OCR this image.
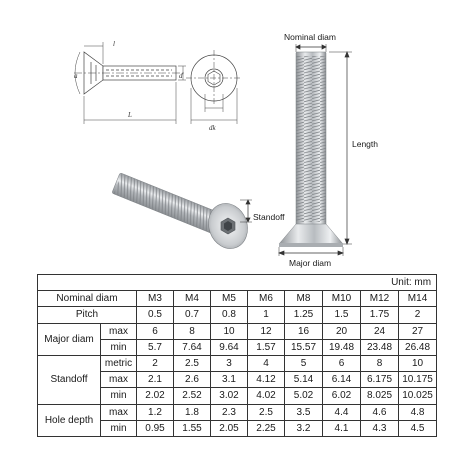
l
a	d
L
dk
Nominal diam
Length
Standoff
Major diam
Unit: mm									
Nominal diam		M3	M4	M5	M6	M8	M10	M12	M14
Pitch		0.5	0.7	0.8	1	1.25	1.5	1.75	2
Major diam	max	6	8	10	12	16	20	24	27
	min	5.7	7.64	9.64	1.57	15.57	19.48	23.48	26.48
Standoff	metric	2	2.5	3	4	5	6	8	10
	max	2.1	2.6	3.1	4.12	5.14	6.14	6.175	10.175
	min	2.02	2.52	3.02	4.02	5.02	6.02	8.025	10.025
Hole depth	max	1.2	1.8	2.3	2.5	3.5	4.4	4.6	4.8
	min	0.95	1.55	2.05	2.25	3.2	4.1	4.3	4.5
